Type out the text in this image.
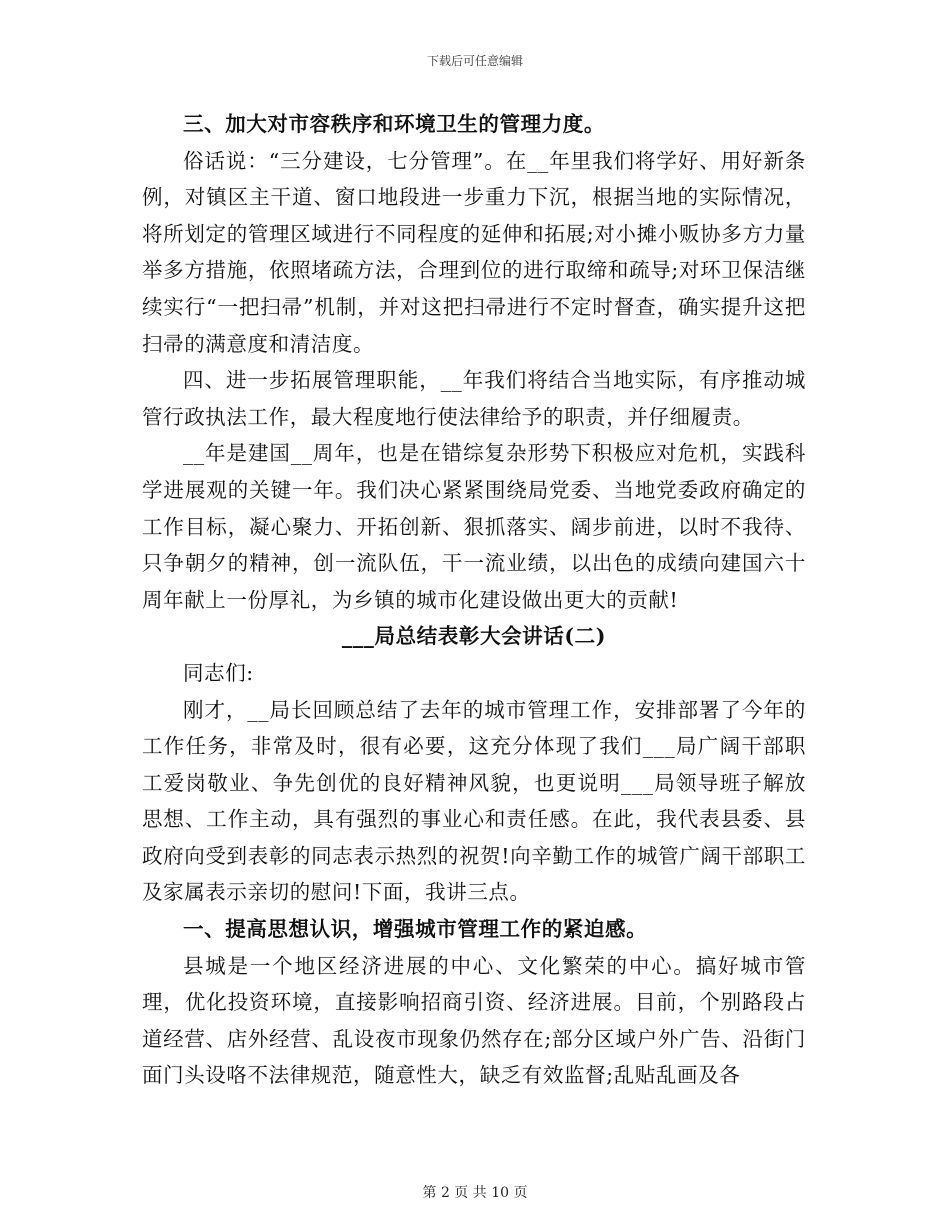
下载后可任意编辑

三、加大对市容秩序和环境卫生的管理力度。

俗话说：“三分建设，七分管理”。在__年里我们将学好、用好新条例，对镇区主干道、窗口地段进一步重力下沉，根据当地的实际情况，将所划定的管理区域进行不同程度的延伸和拓展;对小摊小贩协多方力量举多方措施，依照堵疏方法，合理到位的进行取缔和疏导;对环卫保洁继续实行“一把扫帚”机制，并对这把扫帚进行不定时督查，确实提升这把扫帚的满意度和清洁度。

四、进一步拓展管理职能，__年我们将结合当地实际，有序推动城管行政执法工作，最大程度地行使法律给予的职责，并仔细履责。

__年是建国__周年，也是在错综复杂形势下积极应对危机，实践科学进展观的关键一年。我们决心紧紧围绕局党委、当地党委政府确定的工作目标，凝心聚力、开拓创新、狠抓落实、阔步前进，以时不我待、只争朝夕的精神，创一流队伍，干一流业绩，以出色的成绩向建国六十周年献上一份厚礼，为乡镇的城市化建设做出更大的贡献!

___局总结表彰大会讲话(二)

同志们:

刚才，__局长回顾总结了去年的城市管理工作，安排部署了今年的工作任务，非常及时，很有必要，这充分体现了我们___局广阔干部职工爱岗敬业、争先创优的良好精神风貌，也更说明___局领导班子解放思想、工作主动，具有强烈的事业心和责任感。在此，我代表县委、县政府向受到表彰的同志表示热烈的祝贺!向辛勤工作的城管广阔干部职工及家属表示亲切的慰问!下面，我讲三点。

一、提高思想认识，增强城市管理工作的紧迫感。

县城是一个地区经济进展的中心、文化繁荣的中心。搞好城市管理，优化投资环境，直接影响招商引资、经济进展。目前，个别路段占道经营、店外经营、乱设夜市现象仍然存在;部分区域户外广告、沿街门面门头设咯不法律规范，随意性大，缺乏有效监督;乱贴乱画及各

第 2 页 共 10 页
